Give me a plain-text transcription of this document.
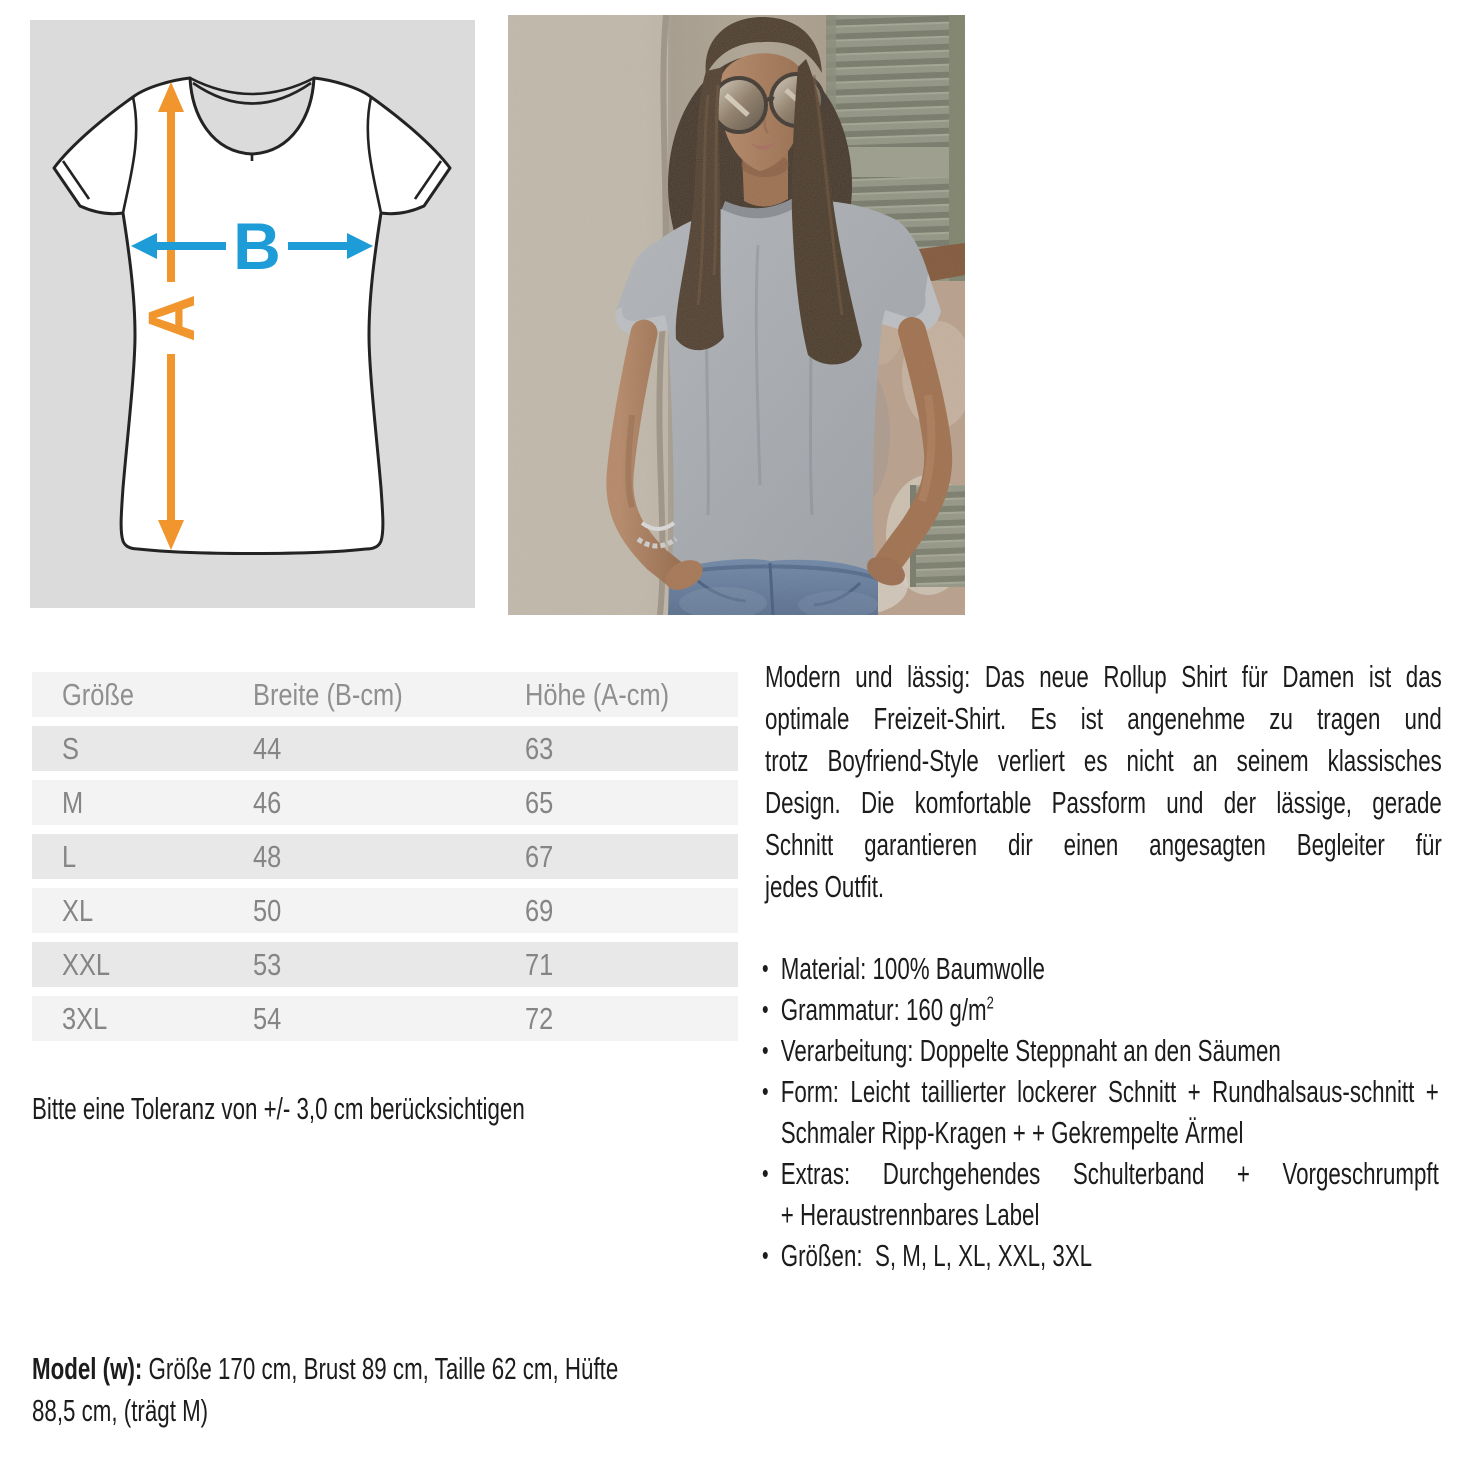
A
B
Größe	Breite (B-cm)	Höhe (A-cm)
S	44	63
M	46	65
L	48	67
XL	50	69
XXL	53	71
3XL	54	72
Bitte eine Toleranz von +/- 3,0 cm berücksichtigen
Modern und lässig: Das neue Rollup Shirt für Damen ist das
optimale Freizeit-Shirt. Es ist angenehme zu tragen und
trotz Boyfriend-Style verliert es nicht an seinem klassisches
Design. Die komfortable Passform und der lässige, gerade
Schnitt garantieren dir einen angesagten Begleiter für
jedes Outfit.
• Material: 100% Baumwolle
• Grammatur: 160 $g/m^2$
• Verarbeitung: Doppelte Steppnaht an den Säumen
• Form: Leicht taillierter lockerer Schnitt + Rundhalsaus-schnitt + Schmaler Ripp-Kragen + + Gekrempelte Ärmel
• Extras: Durchgehendes Schulterband + Vorgeschrumpft + Heraustrennbares Label
• Größen:  S, M, L, XL, XXL, 3XL
Model (w): Größe 170 cm, Brust 89 cm, Taille 62 cm, Hüfte
88,5 cm, (trägt M)
